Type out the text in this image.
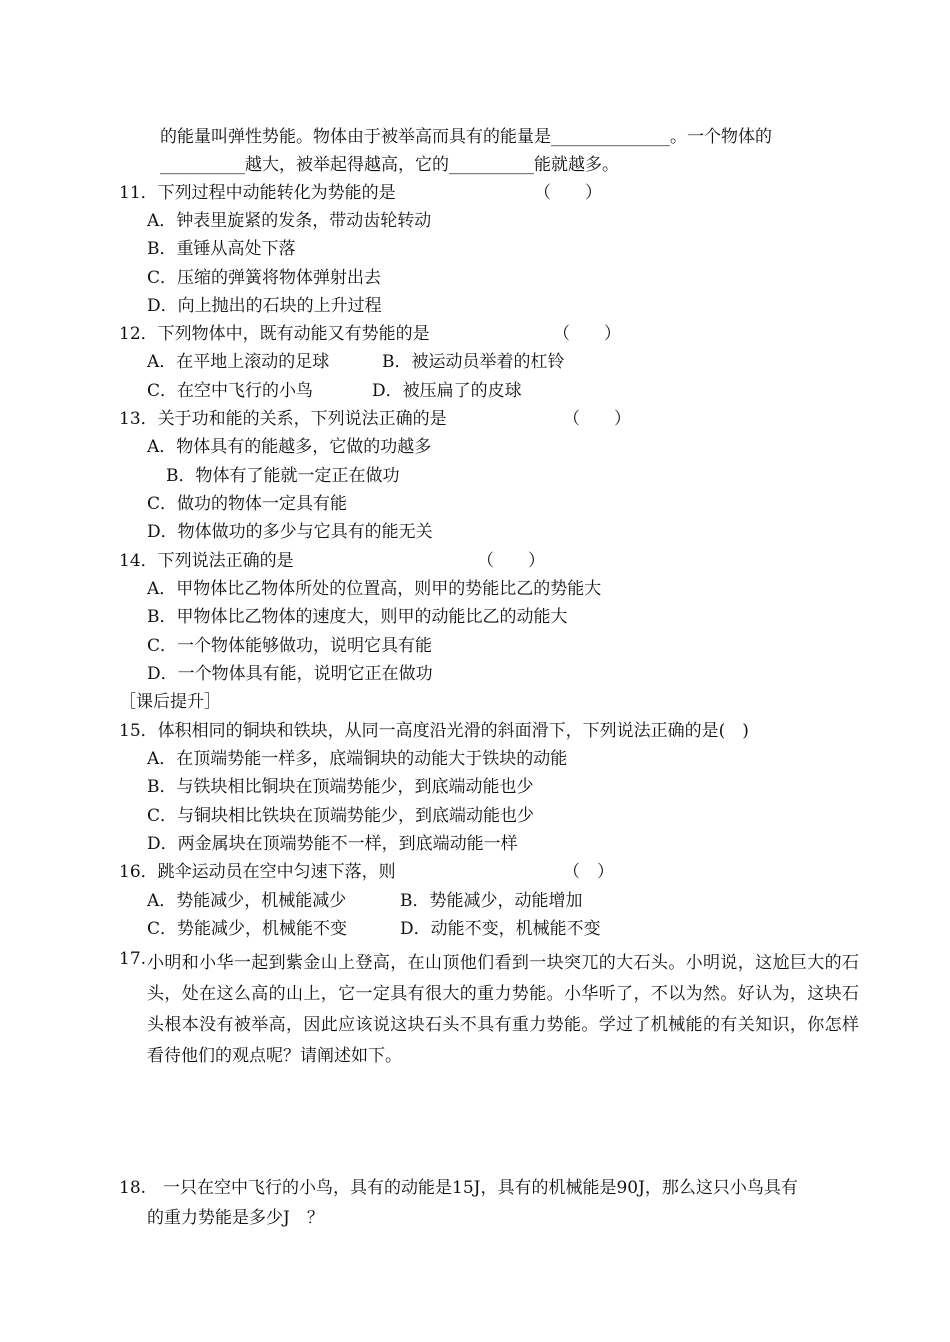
的能量叫弹性势能。物体由于被举高而具有的能量是______________。一个物体的
__________越大，被举起得越高，它的__________能就越多。
11．下列过程中动能转化为势能的是	（　　）
A．钟表里旋紧的发条，带动齿轮转动
B．重锤从高处下落
C．压缩的弹簧将物体弹射出去
D．向上抛出的石块的上升过程
12．下列物体中，既有动能又有势能的是	（　　）
A．在平地上滚动的足球	B．被运动员举着的杠铃
C．在空中飞行的小鸟	D．被压扁了的皮球
13．关于功和能的关系，下列说法正确的是	（　　）
A．物体具有的能越多，它做的功越多
B．物体有了能就一定正在做功
C．做功的物体一定具有能
D．物体做功的多少与它具有的能无关
14．下列说法正确的是	（　　）
A．甲物体比乙物体所处的位置高，则甲的势能比乙的势能大
B．甲物体比乙物体的速度大，则甲的动能比乙的动能大
C．一个物体能够做功，说明它具有能
D．一个物体具有能，说明它正在做功
［课后提升］
15．体积相同的铜块和铁块，从同一高度沿光滑的斜面滑下，下列说法正确的是(　)
A．在顶端势能一样多，底端铜块的动能大于铁块的动能
B．与铁块相比铜块在顶端势能少，到底端动能也少
C．与铜块相比铁块在顶端势能少，到底端动能也少
D．两金属块在顶端势能不一样，到底端动能一样
16．跳伞运动员在空中匀速下落，则	（　）
A．势能减少，机械能减少	B．势能减少，动能增加
C．势能减少，机械能不变	D．动能不变，机械能不变
17. 小明和小华一起到紫金山上登高，在山顶他们看到一块突兀的大石头。小明说，这尬巨大的石头，处在这么高的山上，它一定具有很大的重力势能。小华听了，不以为然。好认为，这块石头根本没有被举高，因此应该说这块石头不具有重力势能。学过了机械能的有关知识，你怎样看待他们的观点呢？请阐述如下。
18. 一只在空中飞行的小鸟，具有的动能是15J，具有的机械能是90J，那么这只小鸟具有
的重力势能是多少J　？
